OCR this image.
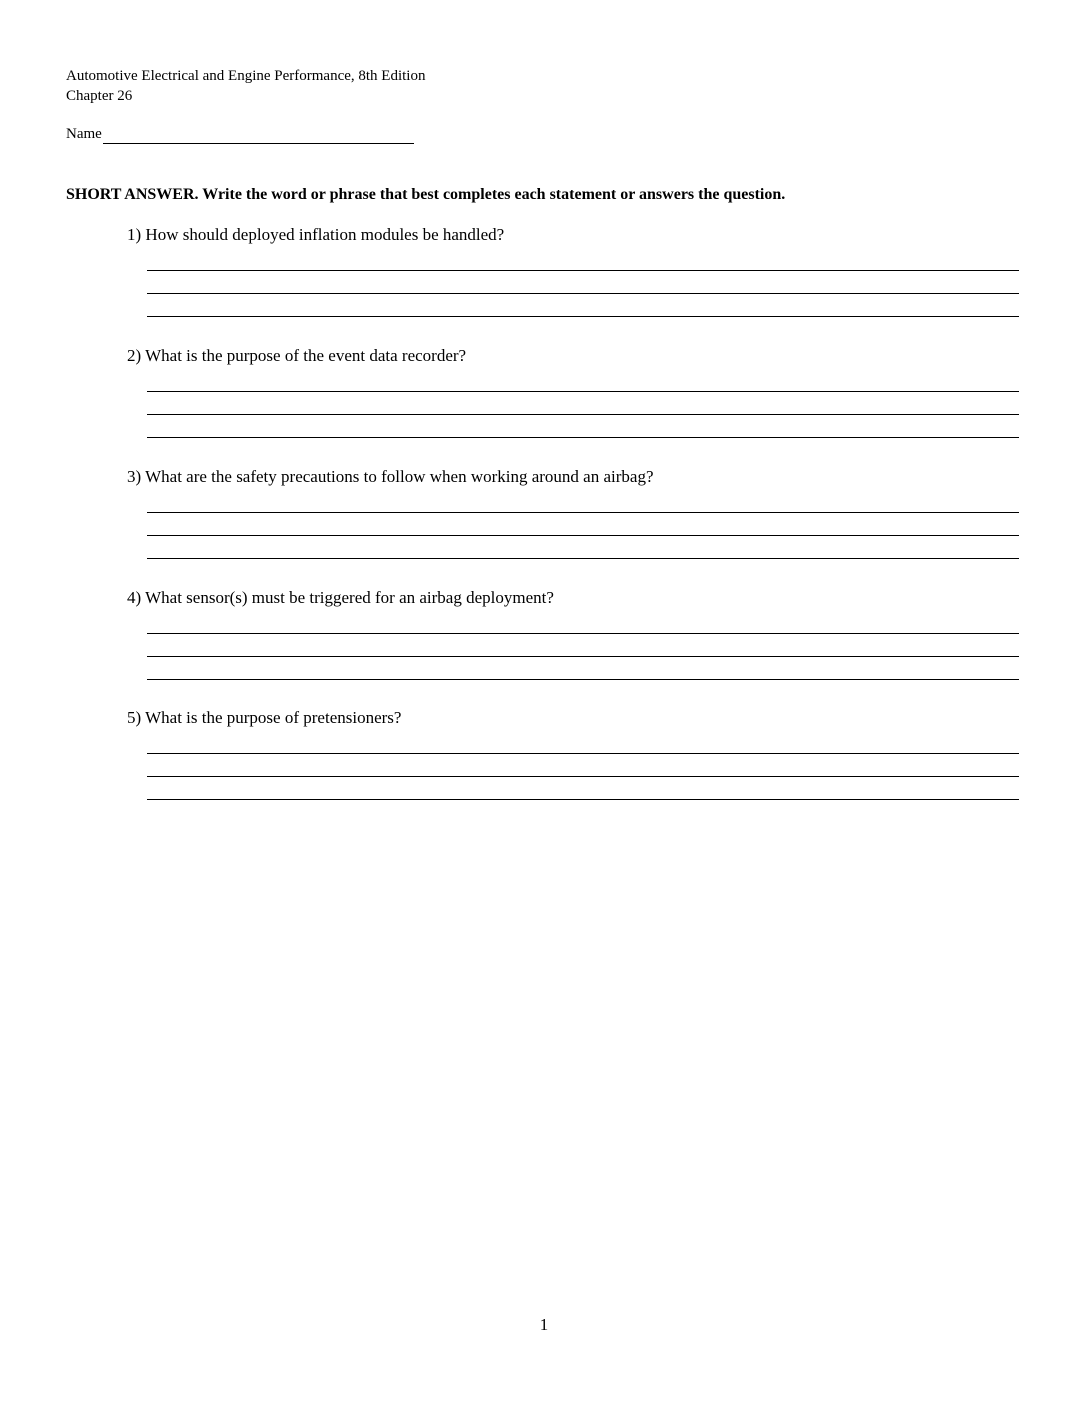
Automotive Electrical and Engine Performance, 8th Edition
Chapter 26
Name
SHORT ANSWER. Write the word or phrase that best completes each statement or answers the question.
1) How should deployed inflation modules be handled?
2) What is the purpose of the event data recorder?
3) What are the safety precautions to follow when working around an airbag?
4) What sensor(s) must be triggered for an airbag deployment?
5) What is the purpose of pretensioners?
1
